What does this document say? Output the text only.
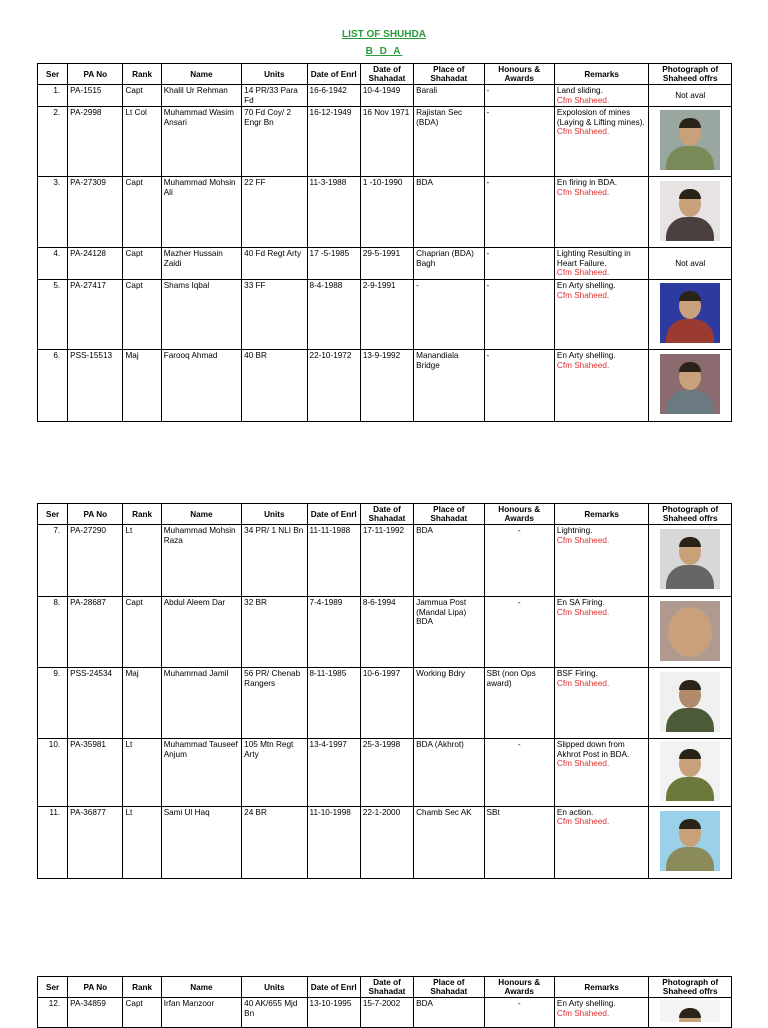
LIST OF SHUHDA
B D A
Ser	PA No	Rank	Name	Units	Date of Enrl	Date of Shahadat	Place of Shahadat	Honours & Awards	Remarks	Photograph of Shaheed offrs
1.	PA-1515	Capt	Khalil Ur Rehman	14 PR/33 Para Fd	16-6-1942	10-4-1949	Barali	-	Land sliding.
Cfm Shaheed.	Not aval

2.	PA-2998	Lt Col	Muhammad Wasim Ansari	70 Fd Coy/ 2 Engr Bn	16-12-1949	16 Nov 1971	Rajistan Sec (BDA)	-	Expolosion of mines (Laying & Lifting mines).
Cfm Shaheed.	

3.	PA-27309	Capt	Muhammad Mohsin Ali	22 FF	11-3-1988	1 -10-1990	BDA	-	En firing in BDA.
Cfm Shaheed.	

4.	PA-24128	Capt	Mazher Hussain Zaidi	40 Fd Regt Arty	17 -5-1985	29-5-1991	Chaprian (BDA) Bagh	-	Lighting Resulting in Heart Failure.
Cfm Shaheed.	Not aval

5.	PA-27417	Capt	Shams Iqbal	33 FF	8-4-1988	2-9-1991	-	-	En Arty shelling.
Cfm Shaheed.	

6.	PSS-15513	Maj	Farooq Ahmad	40 BR	22-10-1972	13-9-1992	Manandiala Bridge	-	En Arty shelling.
Cfm Shaheed.	

Ser	PA No	Rank	Name	Units	Date of Enrl	Date of Shahadat	Place of Shahadat	Honours & Awards	Remarks	Photograph of Shaheed offrs
7.	PA-27290	Lt	Muhammad Mohsin Raza	34 PR/ 1 NLI Bn	11-11-1988	17-11-1992	BDA	-	Lightning.
Cfm Shaheed.	

8.	PA-28687	Capt	Abdul Aleem Dar	32 BR	7-4-1989	8-6-1994	Jammua Post (Mandal Lipa) BDA	-	En SA Firing.
Cfm Shaheed.	

9.	PSS-24534	Maj	Muhammad Jamil	56 PR/ Chenab Rangers	8-11-1985	10-6-1997	Working Bdry	SBt (non Ops award)	BSF Firing.
Cfm Shaheed.	

10.	PA-35981	Lt	Muhammad Tauseef Anjum	105 Mtn Regt Arty	13-4-1997	25-3-1998	BDA (Akhrot)	-	Slipped down from Akhrot Post in BDA.
Cfm Shaheed.	

11.	PA-36877	Lt	Sami Ul Haq	24 BR	11-10-1998	22-1-2000	Chamb Sec AK	SBt	En action.
Cfm Shaheed.	

Ser	PA No	Rank	Name	Units	Date of Enrl	Date of Shahadat	Place of Shahadat	Honours & Awards	Remarks	Photograph of Shaheed offrs
12.	PA-34859	Capt	Irfan Manzoor	40 AK/655 Mjd Bn	13-10-1995	15-7-2002	BDA	-	En Arty shelling.
Cfm Shaheed.	
